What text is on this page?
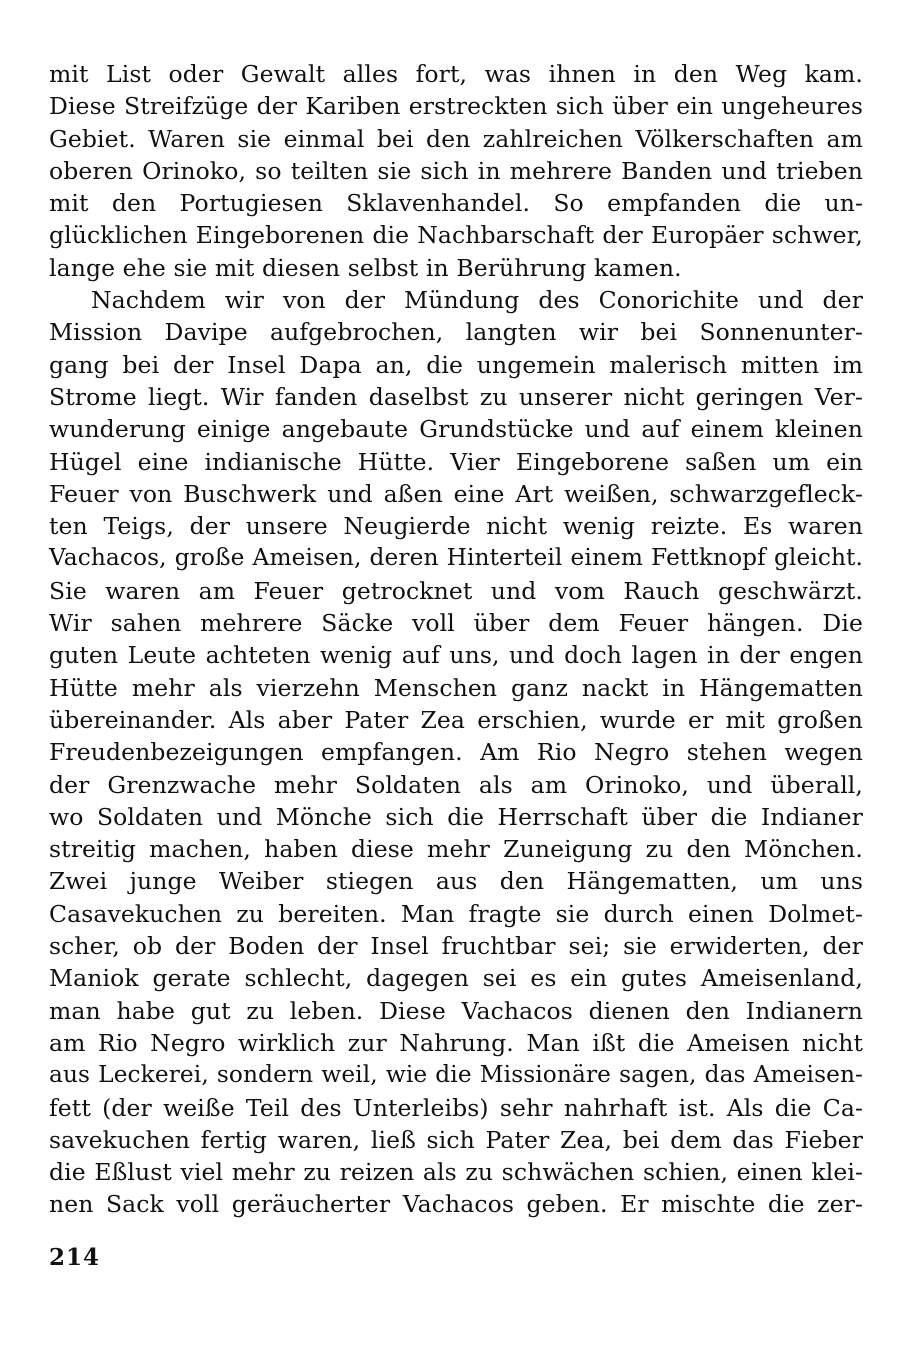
mit List oder Gewalt alles fort, was ihnen in den Weg kam.
Diese Streifzüge der Kariben erstreckten sich über ein ungeheures
Gebiet. Waren sie einmal bei den zahlreichen Völkerschaften am
oberen Orinoko, so teilten sie sich in mehrere Banden und trieben
mit den Portugiesen Sklavenhandel. So empfanden die un-
glücklichen Eingeborenen die Nachbarschaft der Europäer schwer,
lange ehe sie mit diesen selbst in Berührung kamen.
Nachdem wir von der Mündung des Conorichite und der
Mission Davipe aufgebrochen, langten wir bei Sonnenunter-
gang bei der Insel Dapa an, die ungemein malerisch mitten im
Strome liegt. Wir fanden daselbst zu unserer nicht geringen Ver-
wunderung einige angebaute Grundstücke und auf einem kleinen
Hügel eine indianische Hütte. Vier Eingeborene saßen um ein
Feuer von Buschwerk und aßen eine Art weißen, schwarzgefleck-
ten Teigs, der unsere Neugierde nicht wenig reizte. Es waren
Vachacos, große Ameisen, deren Hinterteil einem Fettknopf gleicht.
Sie waren am Feuer getrocknet und vom Rauch geschwärzt.
Wir sahen mehrere Säcke voll über dem Feuer hängen. Die
guten Leute achteten wenig auf uns, und doch lagen in der engen
Hütte mehr als vierzehn Menschen ganz nackt in Hängematten
übereinander. Als aber Pater Zea erschien, wurde er mit großen
Freudenbezeigungen empfangen. Am Rio Negro stehen wegen
der Grenzwache mehr Soldaten als am Orinoko, und überall,
wo Soldaten und Mönche sich die Herrschaft über die Indianer
streitig machen, haben diese mehr Zuneigung zu den Mönchen.
Zwei junge Weiber stiegen aus den Hängematten, um uns
Casavekuchen zu bereiten. Man fragte sie durch einen Dolmet-
scher, ob der Boden der Insel fruchtbar sei; sie erwiderten, der
Maniok gerate schlecht, dagegen sei es ein gutes Ameisenland,
man habe gut zu leben. Diese Vachacos dienen den Indianern
am Rio Negro wirklich zur Nahrung. Man ißt die Ameisen nicht
aus Leckerei, sondern weil, wie die Missionäre sagen, das Ameisen-
fett (der weiße Teil des Unterleibs) sehr nahrhaft ist. Als die Ca-
savekuchen fertig waren, ließ sich Pater Zea, bei dem das Fieber
die Eßlust viel mehr zu reizen als zu schwächen schien, einen klei-
nen Sack voll geräucherter Vachacos geben. Er mischte die zer-
214
